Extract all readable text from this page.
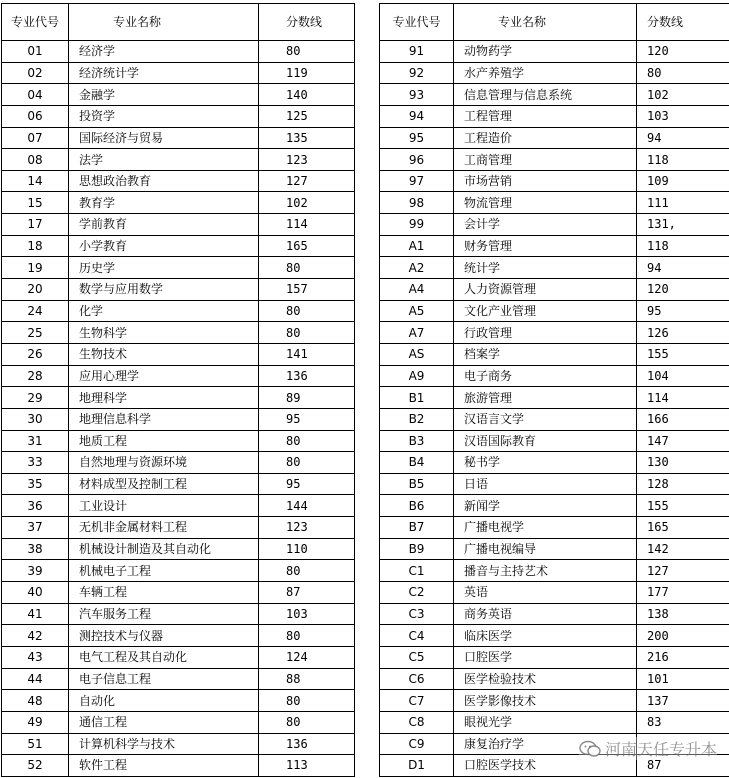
专业代号	专业名称	分数线
01	经济学	80
02	经济统计学	119
04	金融学	140
06	投资学	125
07	国际经济与贸易	135
08	法学	123
14	思想政治教育	127
15	教育学	102
17	学前教育	114
18	小学教育	165
19	历史学	80
20	数学与应用数学	157
24	化学	80
25	生物科学	80
26	生物技术	141
28	应用心理学	136
29	地理科学	89
30	地理信息科学	95
31	地质工程	80
33	自然地理与资源环境	80
35	材料成型及控制工程	95
36	工业设计	144
37	无机非金属材料工程	123
38	机械设计制造及其自动化	110
39	机械电子工程	80
40	车辆工程	87
41	汽车服务工程	103
42	测控技术与仪器	80
43	电气工程及其自动化	124
44	电子信息工程	88
48	自动化	80
49	通信工程	80
51	计算机科学与技术	136
52	软件工程	113
专业代号	专业名称	分数线
91	动物药学	120
92	水产养殖学	80
93	信息管理与信息系统	102
94	工程管理	103
95	工程造价	94
96	工商管理	118
97	市场营销	109
98	物流管理	111
99	会计学	131,
A1	财务管理	118
A2	统计学	94
A4	人力资源管理	120
A5	文化产业管理	95
A7	行政管理	126
AS	档案学	155
A9	电子商务	104
B1	旅游管理	114
B2	汉语言文学	166
B3	汉语国际教育	147
B4	秘书学	130
B5	日语	128
B6	新闻学	155
B7	广播电视学	165
B9	广播电视编导	142
C1	播音与主持艺术	127
C2	英语	177
C3	商务英语	138
C4	临床医学	200
C5	口腔医学	216
C6	医学检验技术	101
C7	医学影像技术	137
C8	眼视光学	83
C9	康复治疗学	
D1	口腔医学技术	87
河南天任专升本
